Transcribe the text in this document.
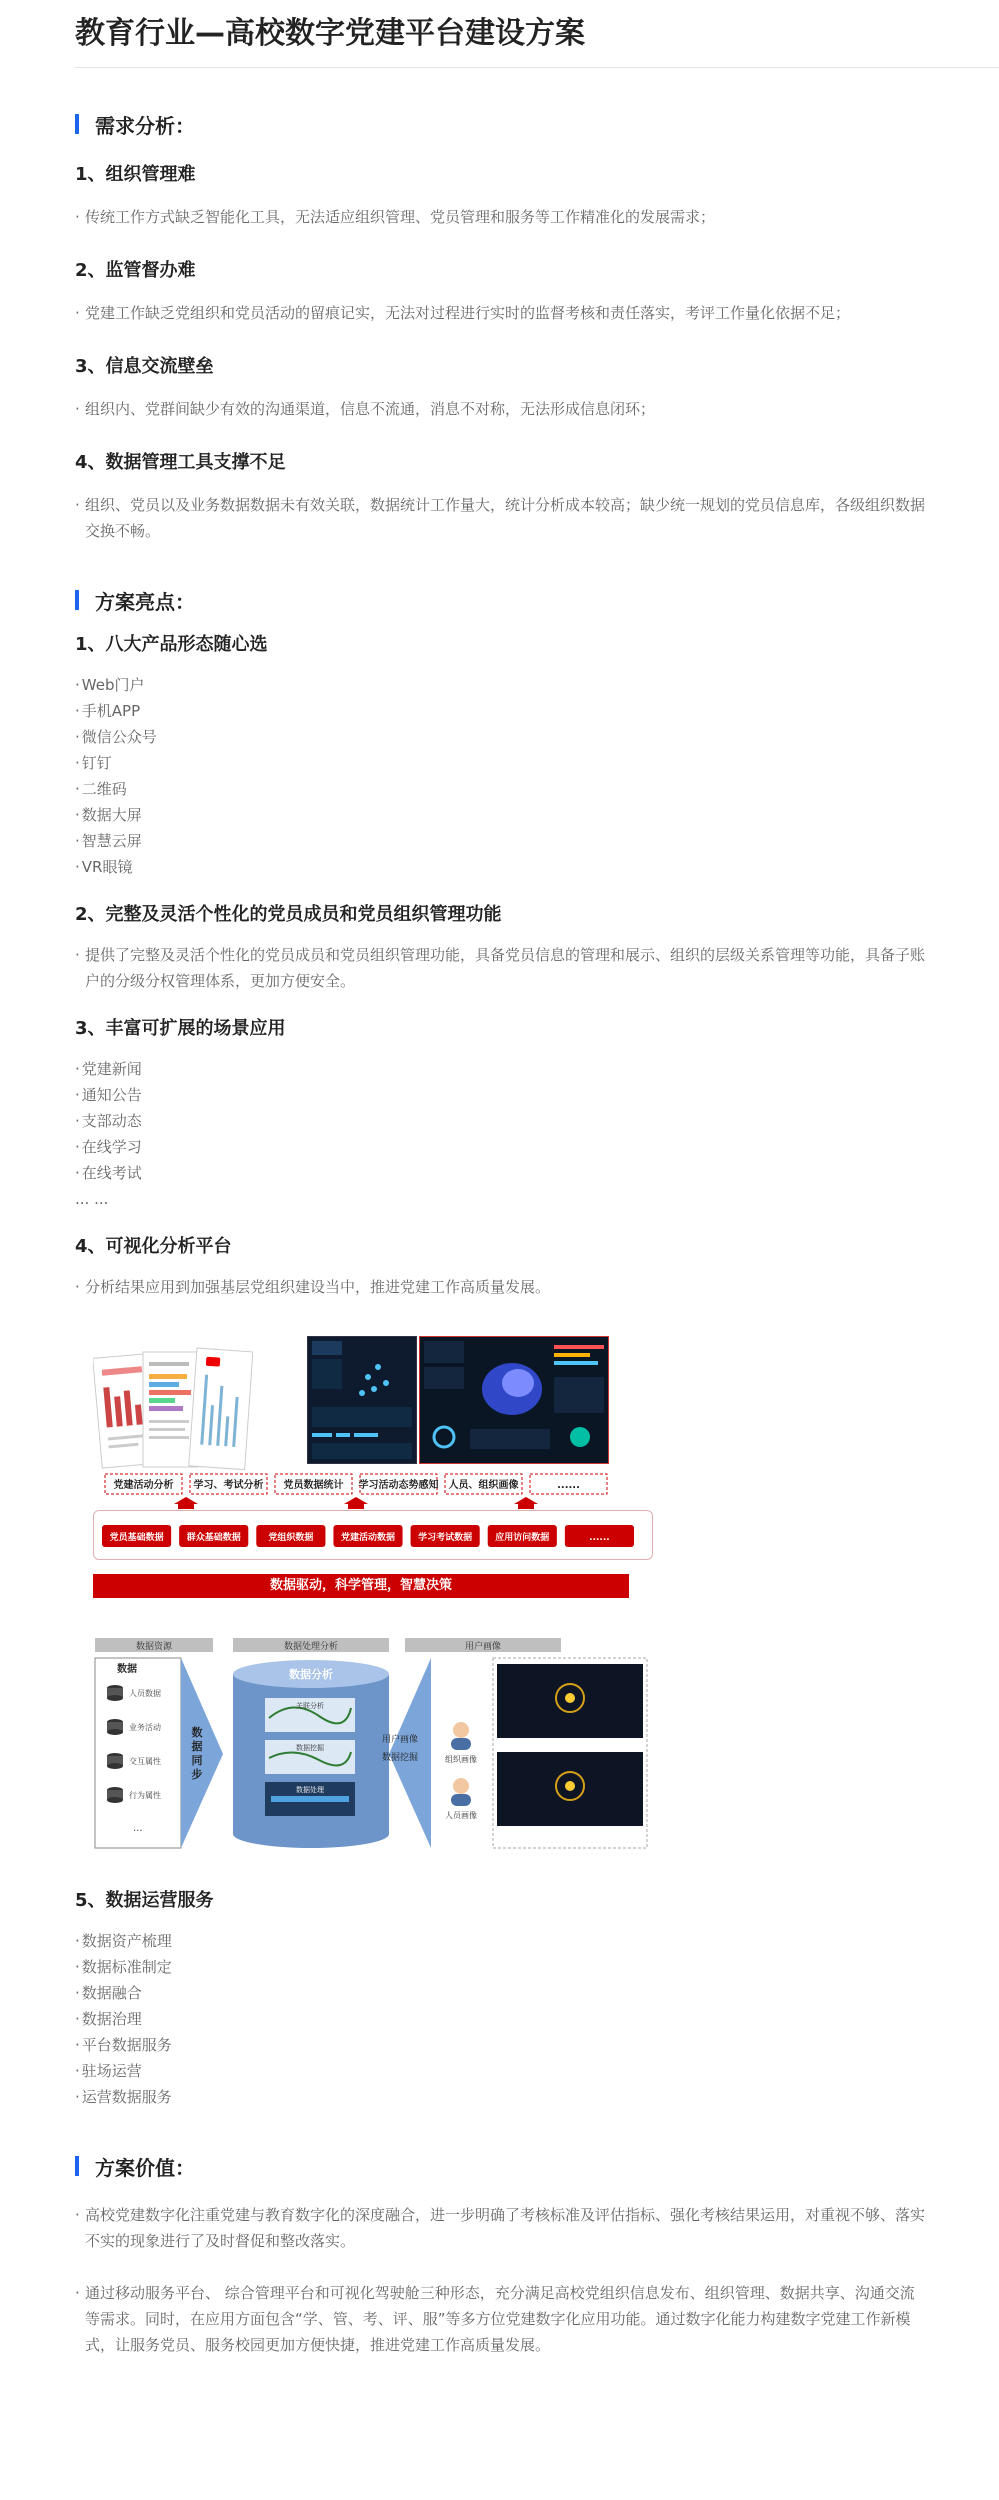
教育行业—高校数字党建平台建设方案
需求分析：
1、组织管理难
· 传统工作方式缺乏智能化工具，无法适应组织管理、党员管理和服务等工作精准化的发展需求；
2、监管督办难
· 党建工作缺乏党组织和党员活动的留痕记实，无法对过程进行实时的监督考核和责任落实，考评工作量化依据不足；
3、信息交流壁垒
· 组织内、党群间缺少有效的沟通渠道，信息不流通，消息不对称，无法形成信息闭环；
4、数据管理工具支撑不足
· 组织、党员以及业务数据数据未有效关联，数据统计工作量大，统计分析成本较高；缺少统一规划的党员信息库，各级组织数据交换不畅。
方案亮点：
1、八大产品形态随心选
· Web门户
· 手机APP
· 微信公众号
· 钉钉
· 二维码
· 数据大屏
· 智慧云屏
· VR眼镜
2、完整及灵活个性化的党员成员和党员组织管理功能
· 提供了完整及灵活个性化的党员成员和党员组织管理功能，具备党员信息的管理和展示、组织的层级关系管理等功能，具备子账户的分级分权管理体系，更加方便安全。
3、丰富可扩展的场景应用
· 党建新闻
· 通知公告
· 支部动态
· 在线学习
· 在线考试
... ...
4、可视化分析平台
· 分析结果应用到加强基层党组织建设当中，推进党建工作高质量发展。
党建活动分析 学习、考试分析 党员数据统计 学习活动态势感知 人员、组织画像	......
党员基础数据	群众基础数据	党组织数据	党建活动数据	学习考试数据	应用访问数据	......
数据驱动，科学管理，智慧决策
数据资源	数据处理分析	用户画像
数据
人员数据
业务活动
交互属性
行为属性
...
数
据
同
步
数据分析
关联分析
数据挖掘
数据处理
用户画像
数据挖掘	组织画像
人员画像
5、数据运营服务
· 数据资产梳理
· 数据标准制定
· 数据融合
· 数据治理
· 平台数据服务
· 驻场运营
· 运营数据服务
方案价值：
· 高校党建数字化注重党建与教育数字化的深度融合，进一步明确了考核标准及评估指标、强化考核结果运用，对重视不够、落实不实的现象进行了及时督促和整改落实。
· 通过移动服务平台、 综合管理平台和可视化驾驶舱三种形态，充分满足高校党组织信息发布、组织管理、数据共享、沟通交流等需求。同时，在应用方面包含“学、管、考、评、服”等多方位党建数字化应用功能。通过数字化能力构建数字党建工作新模式，让服务党员、服务校园更加方便快捷，推进党建工作高质量发展。
